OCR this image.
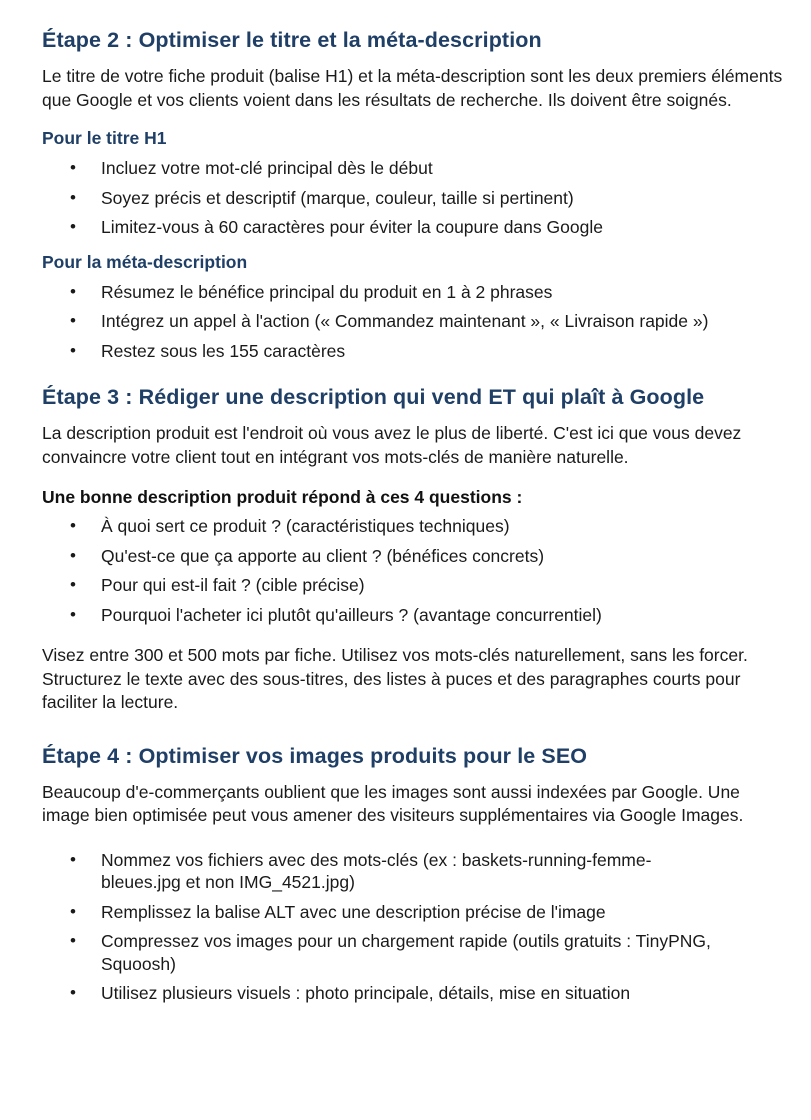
Étape 2 : Optimiser le titre et la méta-description

Le titre de votre fiche produit (balise H1) et la méta-description sont les deux premiers éléments que Google et vos clients voient dans les résultats de recherche. Ils doivent être soignés.

Pour le titre H1
• Incluez votre mot-clé principal dès le début
• Soyez précis et descriptif (marque, couleur, taille si pertinent)
• Limitez-vous à 60 caractères pour éviter la coupure dans Google
Pour la méta-description
• Résumez le bénéfice principal du produit en 1 à 2 phrases
• Intégrez un appel à l'action (« Commandez maintenant », « Livraison rapide »)
• Restez sous les 155 caractères
Étape 3 : Rédiger une description qui vend ET qui plaît à Google

La description produit est l'endroit où vous avez le plus de liberté. C'est ici que vous devez convaincre votre client tout en intégrant vos mots-clés de manière naturelle.

Une bonne description produit répond à ces 4 questions :
• À quoi sert ce produit ? (caractéristiques techniques)
• Qu'est-ce que ça apporte au client ? (bénéfices concrets)
• Pour qui est-il fait ? (cible précise)
• Pourquoi l'acheter ici plutôt qu'ailleurs ? (avantage concurrentiel)

Visez entre 300 et 500 mots par fiche. Utilisez vos mots-clés naturellement, sans les forcer. Structurez le texte avec des sous-titres, des listes à puces et des paragraphes courts pour faciliter la lecture.

Étape 4 : Optimiser vos images produits pour le SEO

Beaucoup d'e-commerçants oublient que les images sont aussi indexées par Google. Une image bien optimisée peut vous amener des visiteurs supplémentaires via Google Images.

• Nommez vos fichiers avec des mots-clés (ex : baskets-running-femme-bleues.jpg et non IMG_4521.jpg)
• Remplissez la balise ALT avec une description précise de l'image
• Compressez vos images pour un chargement rapide (outils gratuits : TinyPNG, Squoosh)
• Utilisez plusieurs visuels : photo principale, détails, mise en situation
